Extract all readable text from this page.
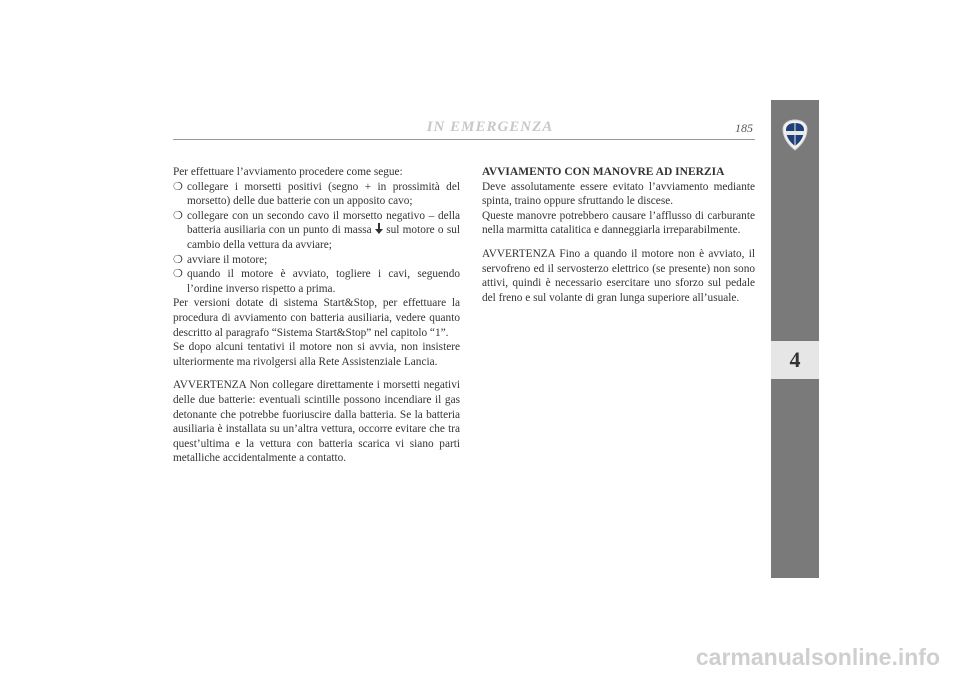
IN EMERGENZA	185
4

Per effettuare l’avviamento procedere come segue:

❍ collegare i morsetti positivi (segno + in prossimità del morsetto) delle due batterie con un apposito cavo;

❍ collegare con un secondo cavo il morsetto negativo – della batteria ausiliaria con un punto di massa sul motore o sul cambio della vettura da avviare;

❍ avviare il motore;

❍ quando il motore è avviato, togliere i cavi, seguendo l’ordine inverso rispetto a prima.

Per versioni dotate di sistema Start&Stop, per effettuare la procedura di avviamento con batteria ausiliaria, vedere quanto descritto al paragrafo “Sistema Start&Stop” nel capitolo “1”.

Se dopo alcuni tentativi il motore non si avvia, non insistere ulteriormente ma rivolgersi alla Rete Assistenziale Lancia.

AVVERTENZA Non collegare direttamente i morsetti negativi delle due batterie: eventuali scintille possono incendiare il gas detonante che potrebbe fuoriuscire dalla batteria. Se la batteria ausiliaria è installata su un’altra vettura, occorre evitare che tra quest’ultima e la vettura con batteria scarica vi siano parti metalliche accidentalmente a contatto.

AVVIAMENTO CON MANOVRE AD INERZIA

Deve assolutamente essere evitato l’avviamento mediante spinta, traino oppure sfruttando le discese.

Queste manovre potrebbero causare l’afflusso di carburante nella marmitta catalitica e danneggiarla irreparabilmente.

AVVERTENZA Fino a quando il motore non è avviato, il servofreno ed il servosterzo elettrico (se presente) non sono attivi, quindi è necessario esercitare uno sforzo sul pedale del freno e sul volante di gran lunga superiore all’usuale.

carmanualsonline.info
